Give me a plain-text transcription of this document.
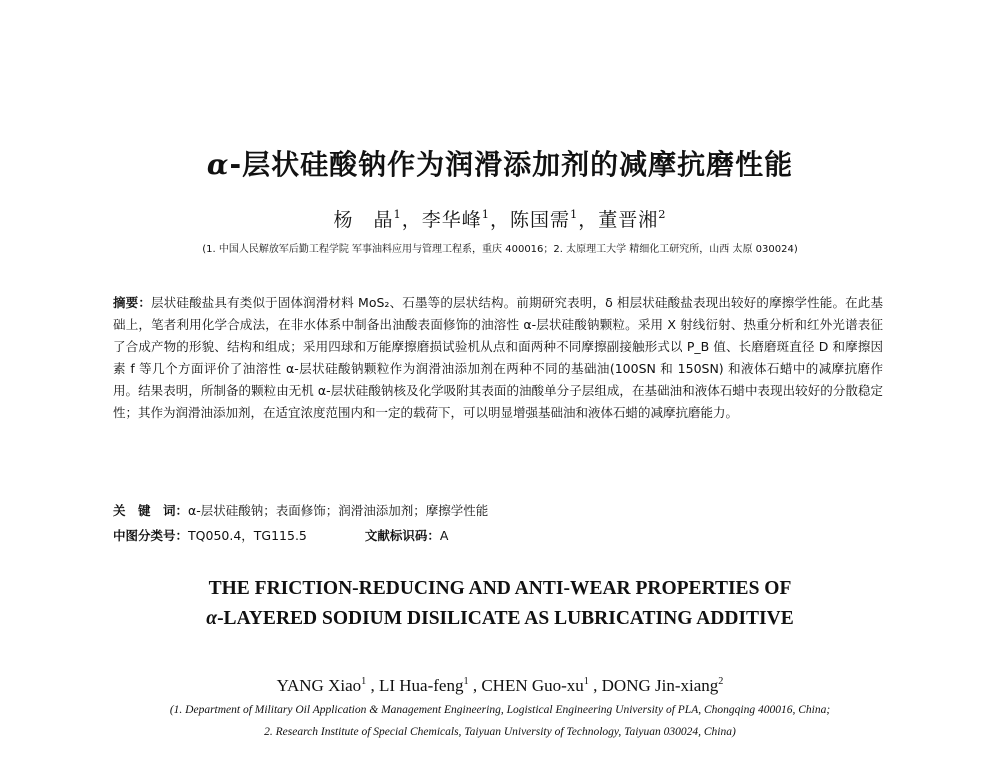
α-层状硅酸钠作为润滑添加剂的减摩抗磨性能
杨　晶$^1$，李华峰$^1$，陈国需$^1$，董晋湘$^2$
(1. 中国人民解放军后勤工程学院 军事油料应用与管理工程系，重庆 400016；2. 太原理工大学 精细化工研究所，山西 太原 030024)
摘要：层状硅酸盐具有类似于固体润滑材料 MoS₂、石墨等的层状结构。前期研究表明，δ 相层状硅酸盐表现出较好的摩擦学性能。在此基础上，笔者利用化学合成法，在非水体系中制备出油酸表面修饰的油溶性 α-层状硅酸钠颗粒。采用 X 射线衍射、热重分析和红外光谱表征了合成产物的形貌、结构和组成；采用四球和万能摩擦磨损试验机从点和面两种不同摩擦副接触形式以 P_B 值、长磨磨斑直径 D 和摩擦因素 f 等几个方面评价了油溶性 α-层状硅酸钠颗粒作为润滑油添加剂在两种不同的基础油(100SN 和 150SN) 和液体石蜡中的减摩抗磨作用。结果表明，所制备的颗粒由无机 α-层状硅酸钠核及化学吸附其表面的油酸单分子层组成，在基础油和液体石蜡中表现出较好的分散稳定性；其作为润滑油添加剂，在适宜浓度范围内和一定的载荷下，可以明显增强基础油和液体石蜡的减摩抗磨能力。
关　键　词：α-层状硅酸钠；表面修饰；润滑油添加剂；摩擦学性能
中图分类号：TQ050.4，TG115.5	文献标识码：A
THE FRICTION-REDUCING AND ANTI-WEAR PROPERTIES OF
α-LAYERED SODIUM DISILICATE AS LUBRICATING ADDITIVE
YANG Xiao$^1$ , LI Hua-feng$^1$ , CHEN Guo-$xu^1$ , DONG Jin-xiang$^2$
(1. Department of Military Oil Application & Management Engineering, Logistical Engineering University of PLA, Chongqing 400016, China;
2. Research Institute of Special Chemicals, Taiyuan University of Technology, Taiyuan 030024, China)
